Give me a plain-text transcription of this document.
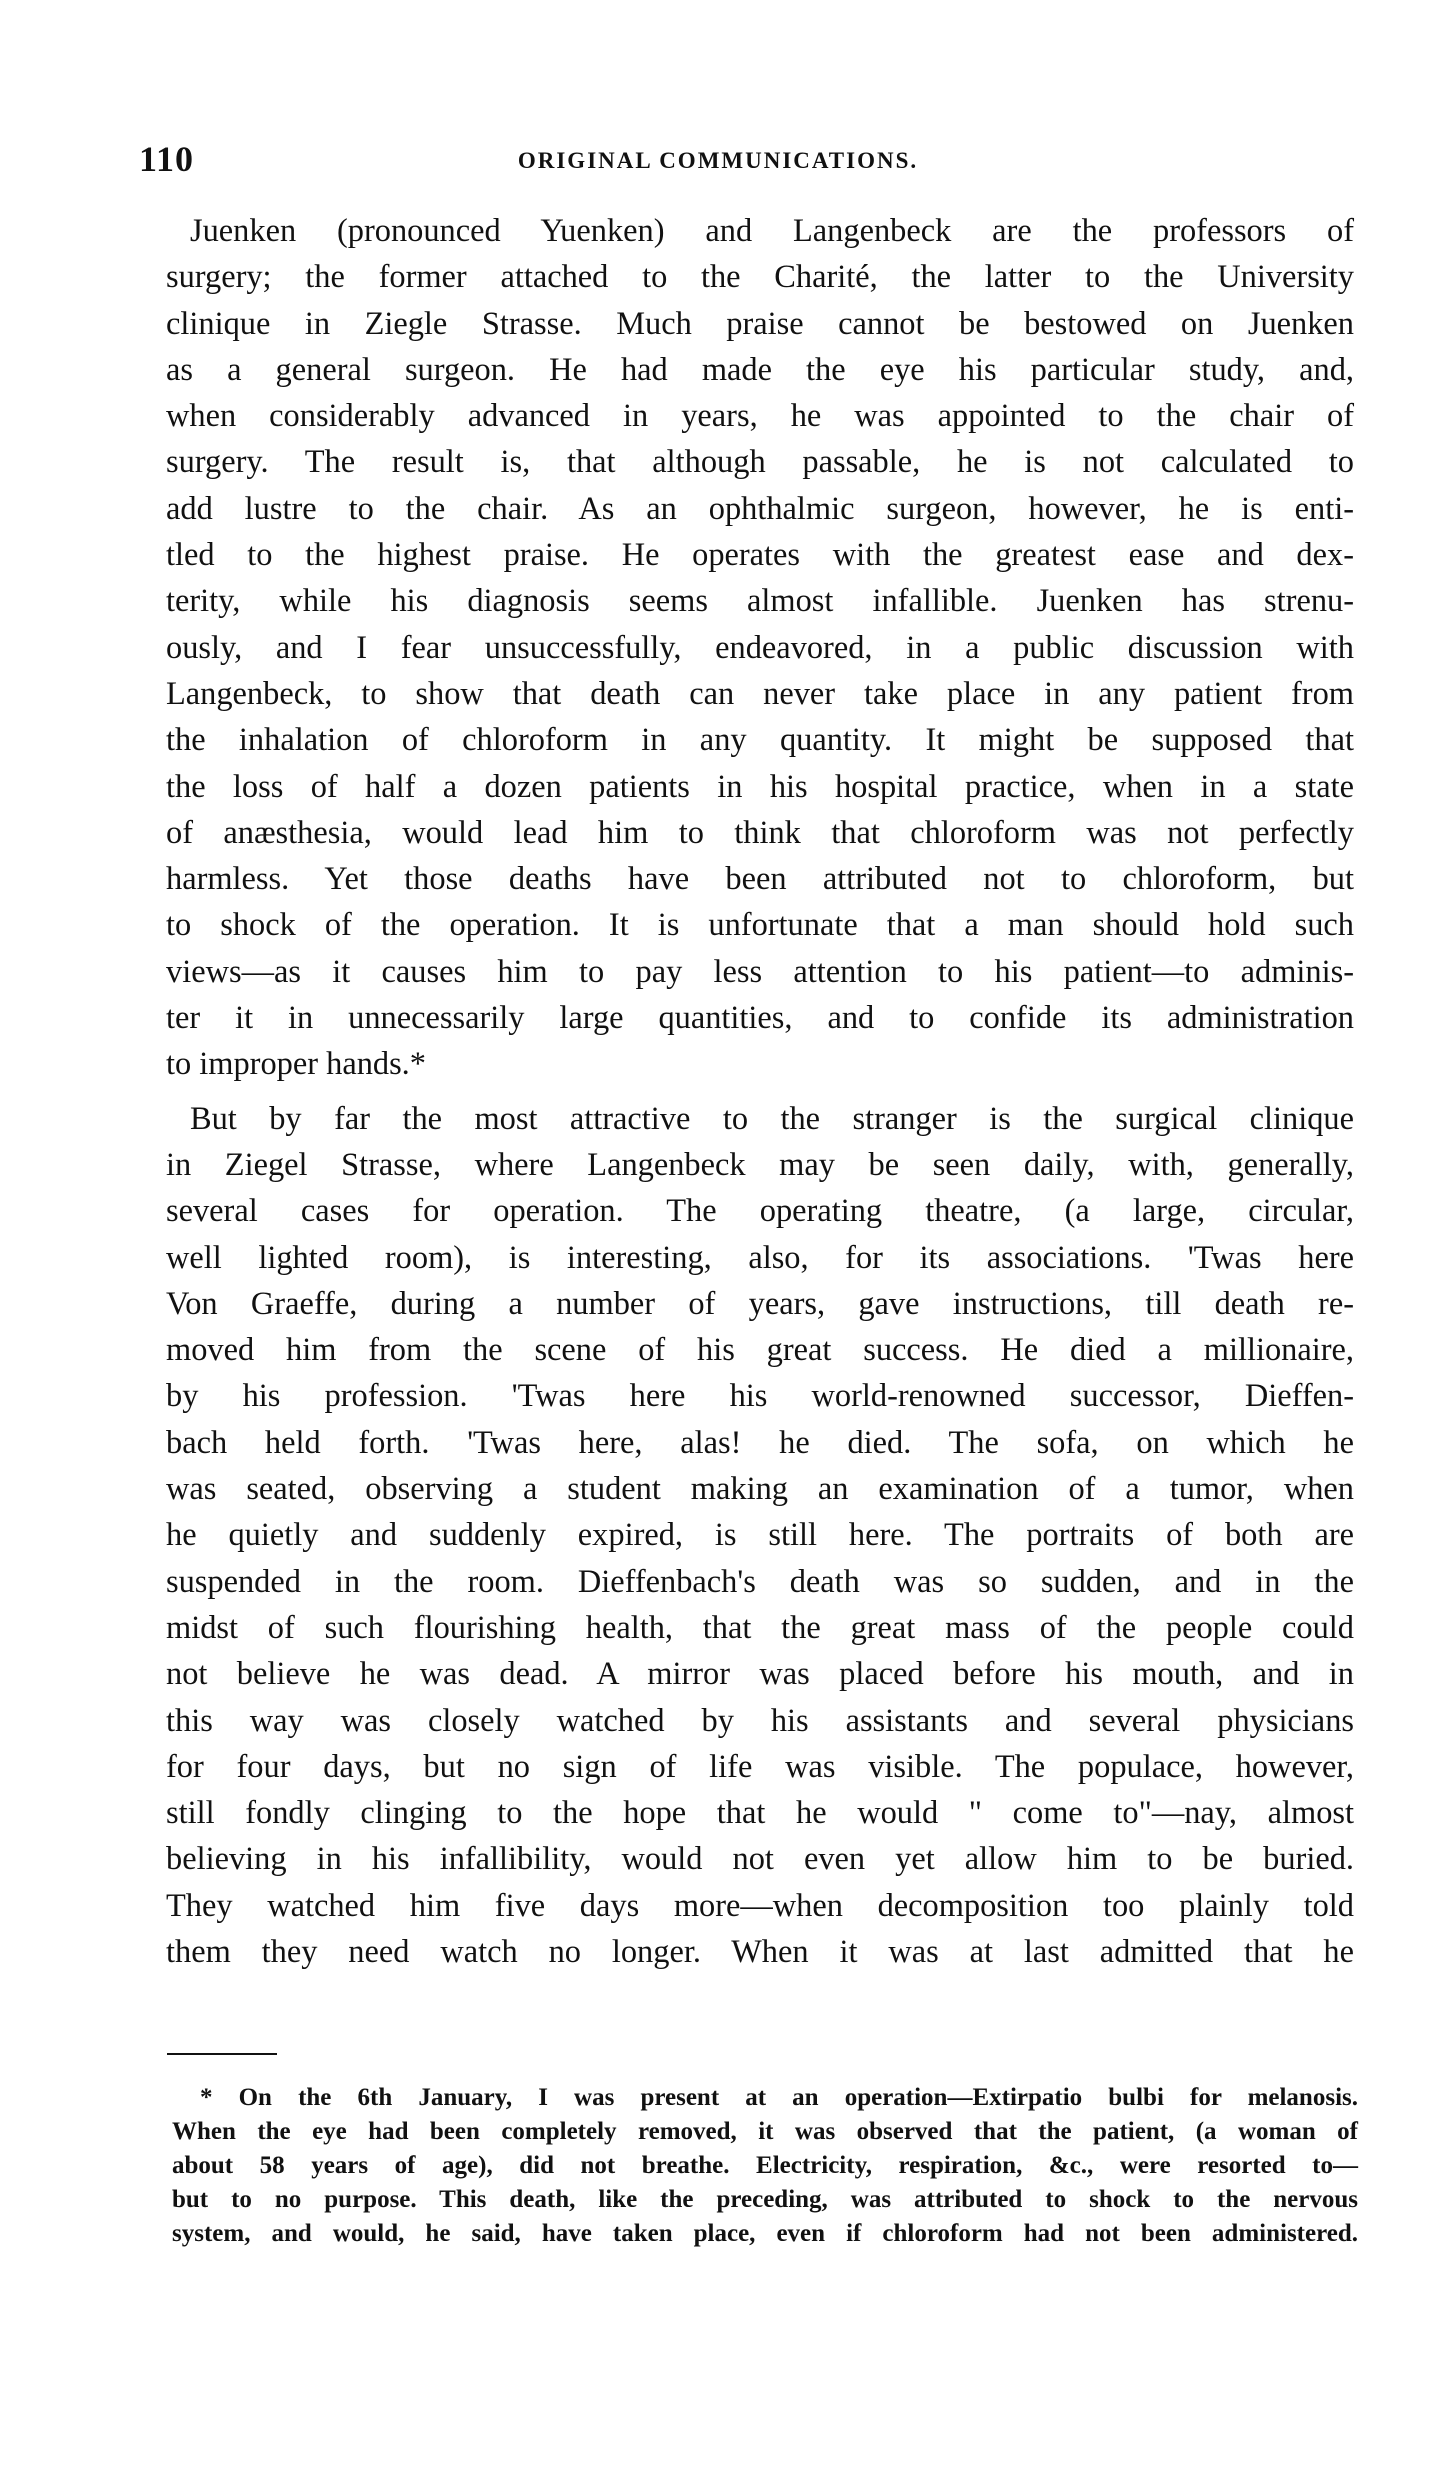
110	ORIGINAL COMMUNICATIONS.

Juenken (pronounced Yuenken) and Langenbeck are the professors of
surgery; the former attached to the Charité, the latter to the University
clinique in Ziegle Strasse. Much praise cannot be bestowed on Juenken
as a general surgeon. He had made the eye his particular study, and,
when considerably advanced in years, he was appointed to the chair of
surgery. The result is, that although passable, he is not calculated to
add lustre to the chair. As an ophthalmic surgeon, however, he is enti-
tled to the highest praise. He operates with the greatest ease and dex-
terity, while his diagnosis seems almost infallible. Juenken has strenu-
ously, and I fear unsuccessfully, endeavored, in a public discussion with
Langenbeck, to show that death can never take place in any patient from
the inhalation of chloroform in any quantity. It might be supposed that
the loss of half a dozen patients in his hospital practice, when in a state
of anæsthesia, would lead him to think that chloroform was not perfectly
harmless. Yet those deaths have been attributed not to chloroform, but
to shock of the operation. It is unfortunate that a man should hold such
views—as it causes him to pay less attention to his patient—to adminis-
ter it in unnecessarily large quantities, and to confide its administration
to improper hands.*

But by far the most attractive to the stranger is the surgical clinique
in Ziegel Strasse, where Langenbeck may be seen daily, with, generally,
several cases for operation. The operating theatre, (a large, circular,
well lighted room), is interesting, also, for its associations. 'Twas here
Von Graeffe, during a number of years, gave instructions, till death re-
moved him from the scene of his great success. He died a millionaire,
by his profession. 'Twas here his world-renowned successor, Dieffen-
bach held forth. 'Twas here, alas! he died. The sofa, on which he
was seated, observing a student making an examination of a tumor, when
he quietly and suddenly expired, is still here. The portraits of both are
suspended in the room. Dieffenbach's death was so sudden, and in the
midst of such flourishing health, that the great mass of the people could
not believe he was dead. A mirror was placed before his mouth, and in
this way was closely watched by his assistants and several physicians
for four days, but no sign of life was visible. The populace, however,
still fondly clinging to the hope that he would " come to"—nay, almost
believing in his infallibility, would not even yet allow him to be buried.
They watched him five days more—when decomposition too plainly told
them they need watch no longer. When it was at last admitted that he

* On the 6th January, I was present at an operation—Extirpatio bulbi for melanosis.
When the eye had been completely removed, it was observed that the patient, (a woman of
about 58 years of age), did not breathe. Electricity, respiration, &c., were resorted to—
but to no purpose. This death, like the preceding, was attributed to shock to the nervous
system, and would, he said, have taken place, even if chloroform had not been administered.
